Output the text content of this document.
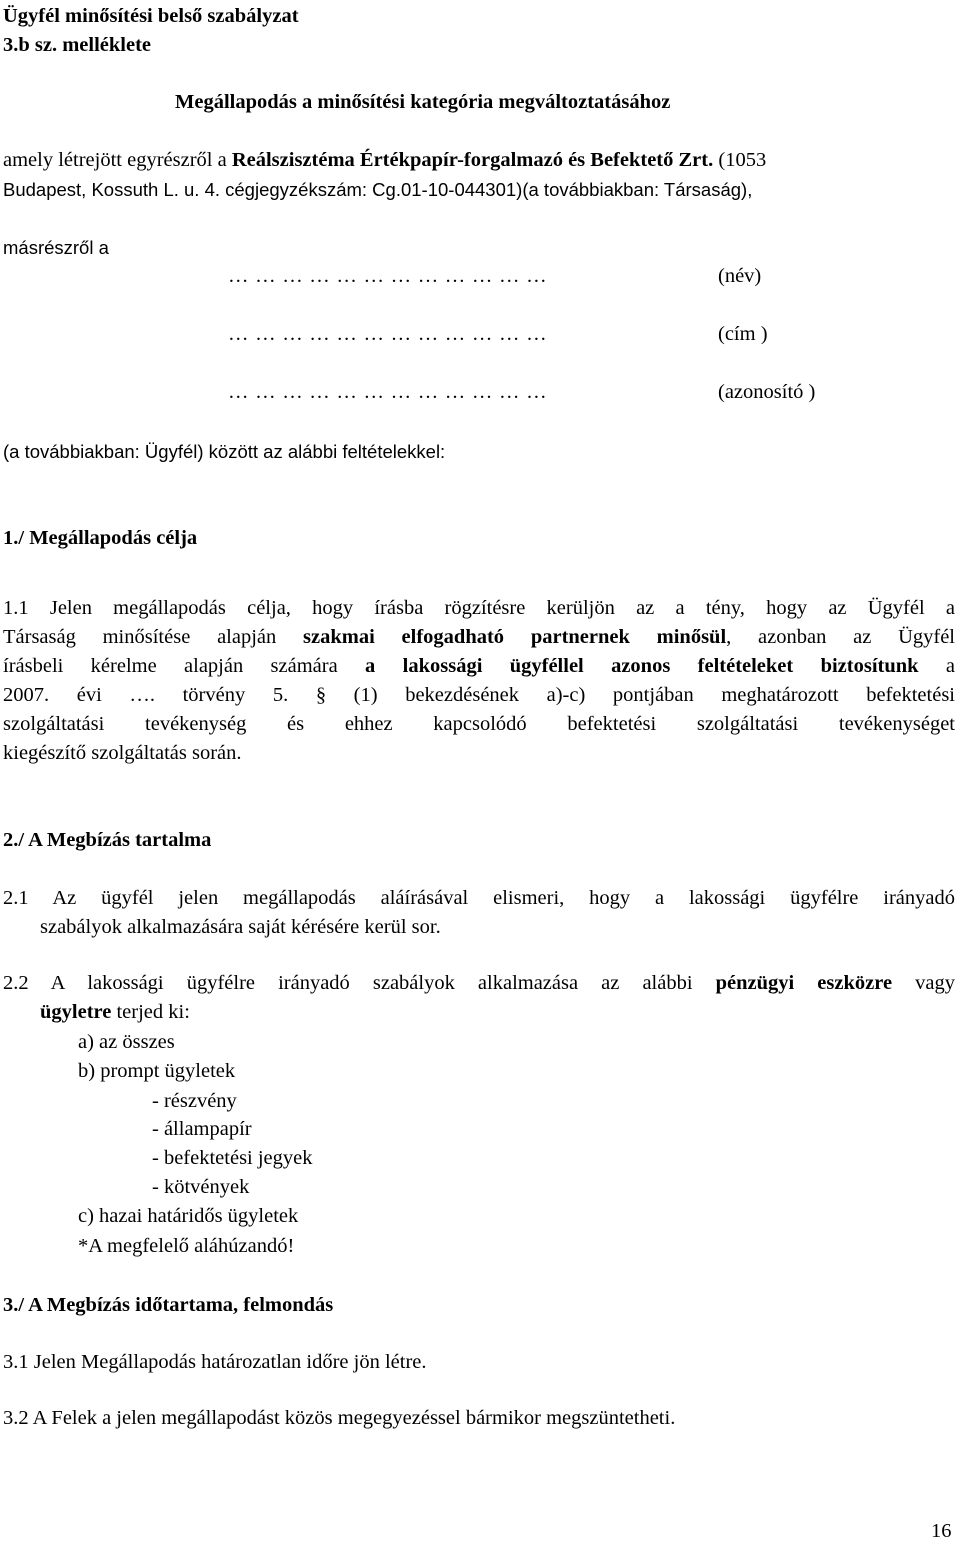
Ügyfél minősítési belső szabályzat
3.b sz. melléklete
Megállapodás a minősítési kategória megváltoztatásához
amely létrejött egyrészről a Reálszisztéma Értékpapír-forgalmazó és Befektető Zrt. (1053
Budapest, Kossuth L. u. 4. cégjegyzékszám: Cg.01-10-044301)(a továbbiakban: Társaság),
másrészről a
………………………………	(név)
………………………………	(cím )
………………………………	(azonosító )
(a továbbiakban: Ügyfél) között az alábbi feltételekkel:
1./ Megállapodás célja
1.1 Jelen megállapodás célja, hogy írásba rögzítésre kerüljön az a tény, hogy az Ügyfél a
Társaság minősítése alapján szakmai elfogadható partnernek minősül, azonban az Ügyfél
írásbeli kérelme alapján számára a lakossági ügyféllel azonos feltételeket biztosítunk a
2007. évi …. törvény 5. § (1) bekezdésének a)-c) pontjában meghatározott befektetési
szolgáltatási tevékenység és ehhez kapcsolódó befektetési szolgáltatási tevékenységet
kiegészítő szolgáltatás során.
2./ A Megbízás tartalma
2.1 Az ügyfél jelen megállapodás aláírásával elismeri, hogy a lakossági ügyfélre irányadó
szabályok alkalmazására saját kérésére kerül sor.
2.2 A lakossági ügyfélre irányadó szabályok alkalmazása az alábbi pénzügyi eszközre vagy
ügyletre terjed ki:
a) az összes
b) prompt ügyletek
- részvény
- állampapír
- befektetési jegyek
- kötvények
c) hazai határidős ügyletek
*A megfelelő aláhúzandó!
3./ A Megbízás időtartama, felmondás
3.1 Jelen Megállapodás határozatlan időre jön létre.
3.2 A Felek a jelen megállapodást közös megegyezéssel bármikor megszüntetheti.
16
